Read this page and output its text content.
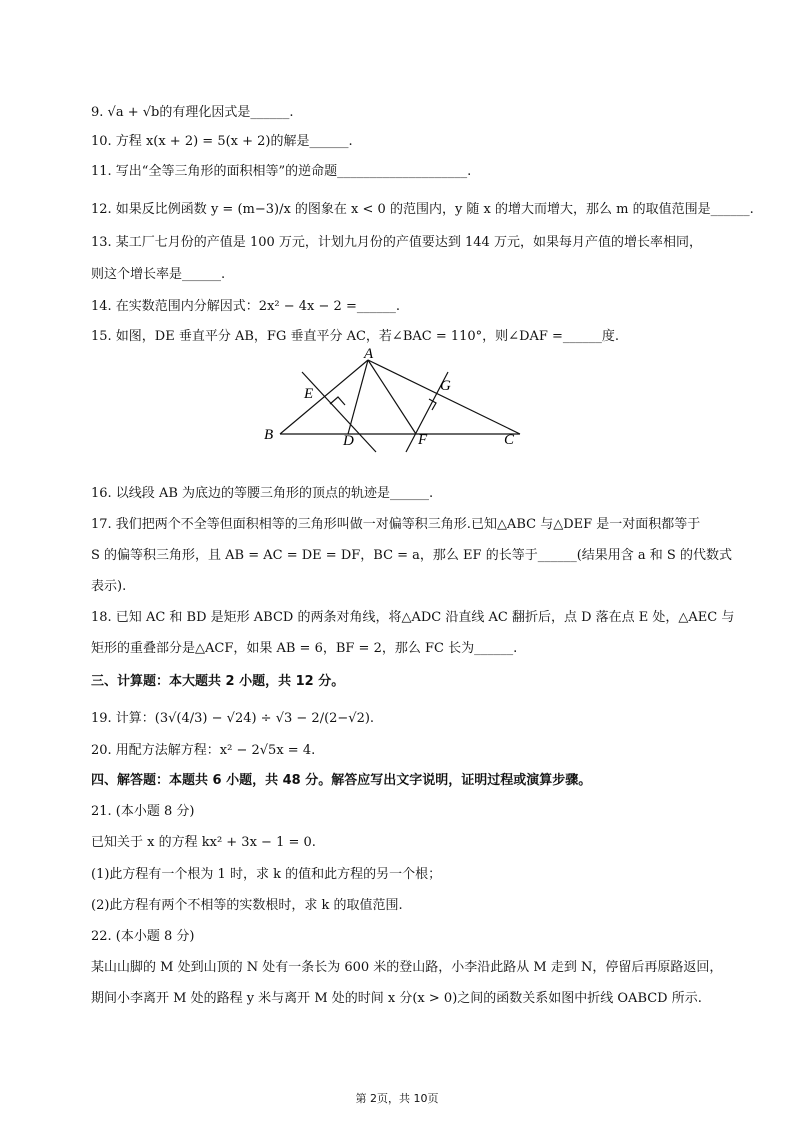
9. √a + √b的有理化因式是______.
10. 方程 x(x + 2) = 5(x + 2)的解是______.
11. 写出“全等三角形的面积相等”的逆命题____________________.
12. 如果反比例函数 y = (m−3)/x 的图象在 x < 0 的范围内，y 随 x 的增大而增大，那么 m 的取值范围是______.
13. 某工厂七月份的产值是 100 万元，计划九月份的产值要达到 144 万元，如果每月产值的增长率相同，
则这个增长率是______.
14. 在实数范围内分解因式：2x² − 4x − 2 =______.
15. 如图，DE 垂直平分 AB，FG 垂直平分 AC，若∠BAC = 110°，则∠DAF =______度.
A
B	C
D
E
F
G
16. 以线段 AB 为底边的等腰三角形的顶点的轨迹是______.
17. 我们把两个不全等但面积相等的三角形叫做一对偏等积三角形.已知△ABC 与△DEF 是一对面积都等于
S 的偏等积三角形，且 AB = AC = DE = DF，BC = a，那么 EF 的长等于______(结果用含 a 和 S 的代数式
表示).
18. 已知 AC 和 BD 是矩形 ABCD 的两条对角线，将△ADC 沿直线 AC 翻折后，点 D 落在点 E 处，△AEC 与
矩形的重叠部分是△ACF，如果 AB = 6，BF = 2，那么 FC 长为______.
三、计算题：本大题共 2 小题，共 12 分。
19. 计算：(3√(4/3) − √24) ÷ √3 − 2/(2−√2).
20. 用配方法解方程：x² − 2√5x = 4.
四、解答题：本题共 6 小题，共 48 分。解答应写出文字说明，证明过程或演算步骤。
21. (本小题 8 分)
已知关于 x 的方程 kx² + 3x − 1 = 0.
(1)此方程有一个根为 1 时，求 k 的值和此方程的另一个根；
(2)此方程有两个不相等的实数根时，求 k 的取值范围.
22. (本小题 8 分)
某山山脚的 M 处到山顶的 N 处有一条长为 600 米的登山路，小李沿此路从 M 走到 N，停留后再原路返回，
期间小李离开 M 处的路程 y 米与离开 M 处的时间 x 分(x > 0)之间的函数关系如图中折线 OABCD 所示.
第 2页，共 10页
